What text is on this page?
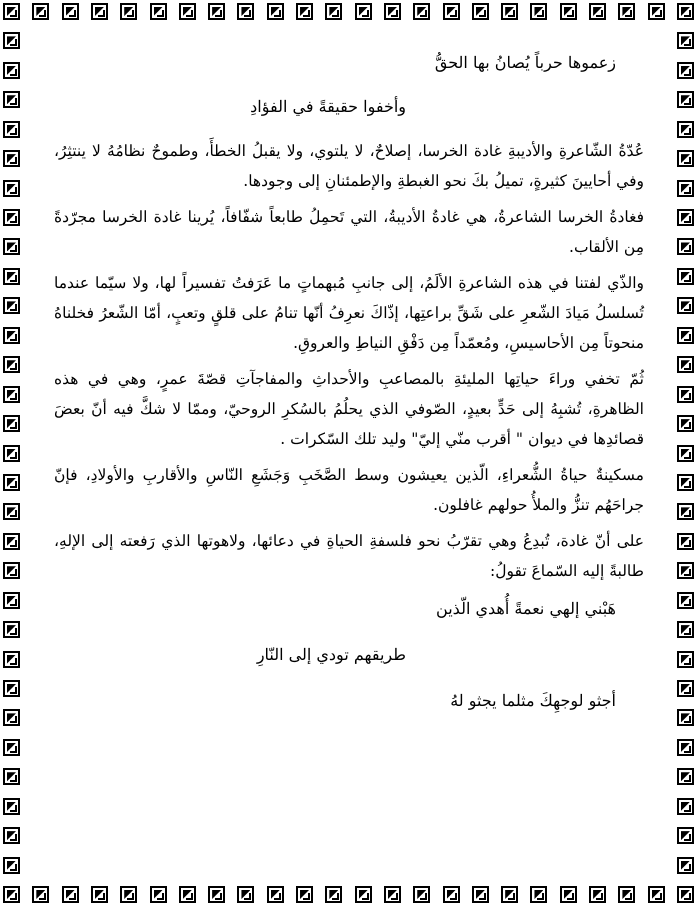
زعموها حرباً يُصانُ بها الحقُّ

وأخفوا حقيقةً في الفؤادِ

عُدّةُ الشّاعرةِ والأديبةِ غادة الخرسا، إصلاحٌ، لا يلتوي، ولا يقبلُ الخطأَ، وطموحٌ نظامُهُ لا ينتثِرُ، وفي أحايينَ كثيرةٍ، تميلُ بكَ نحو الغبطةِ والإطمئنانِ إلى وجودها.

فغادةُ الخرسا الشاعرةُ، هي غادةُ الأديبةُ، التي تَحمِلُ طابعاً شفّافاً، يُرينا غادة الخرسا مجرّدةً مِن الألقاب.

والذّي لفتنا في هذه الشاعرةِ الألَمُ، إلى جانبِ مُبهماتٍ ما عَرَفتُ تفسيراً لها، ولا سيّما عندما تُسلسلُ مَيادَ الشّعرِ على شَقِّ براعتِها، إذّاكَ نعرِفُ أنّها تنامُ على قلقٍ وتعبٍ، أمّا الشّعرُ فخلناهُ منحوتاً مِن الأحاسيسِ، ومُعمّداً مِن دَفْقِ النياطِ والعروقِ.

ثُمّ تخفي وراءَ حياتِها المليئةِ بالمصاعبِ والأحداثِ والمفاجآتِ قصّةَ عمرٍ، وهي في هذه الظاهرةِ، تُشبِهُ إلى حَدٍّ بعيدٍ، الصّوفي الذي يحلُمُ بالسُكرِ الروحيّ، وممّا لا شكَّ فيه أنّ بعضَ قصائدِها في ديوان " أقرب منّي إليّ" وليد تلك السّكرات .

مسكينةٌ حياةُ الشُّعراءِ، الّذين يعيشون وسط الصَّخَبِ وَجَشَعِ النّاسِ والأقاربِ والأولادِ، فإنّ جراحَهُم تنزُّ والملأُ حولهم غافلون.

على أنّ غادة، تُبدِعُ وهي تقرّبُ نحو فلسفةِ الحياةِ في دعائها، ولاهوتها الذي رَفعته إلى الإلهِ، طالبةً إليه السّماعَ تقولُ:

هَبْني إلهي نعمةً أُهدي الّذين

طريقهم تودي إلى النّارِ

أجثو لوجهِكَ مثلما يجثو لهُ
